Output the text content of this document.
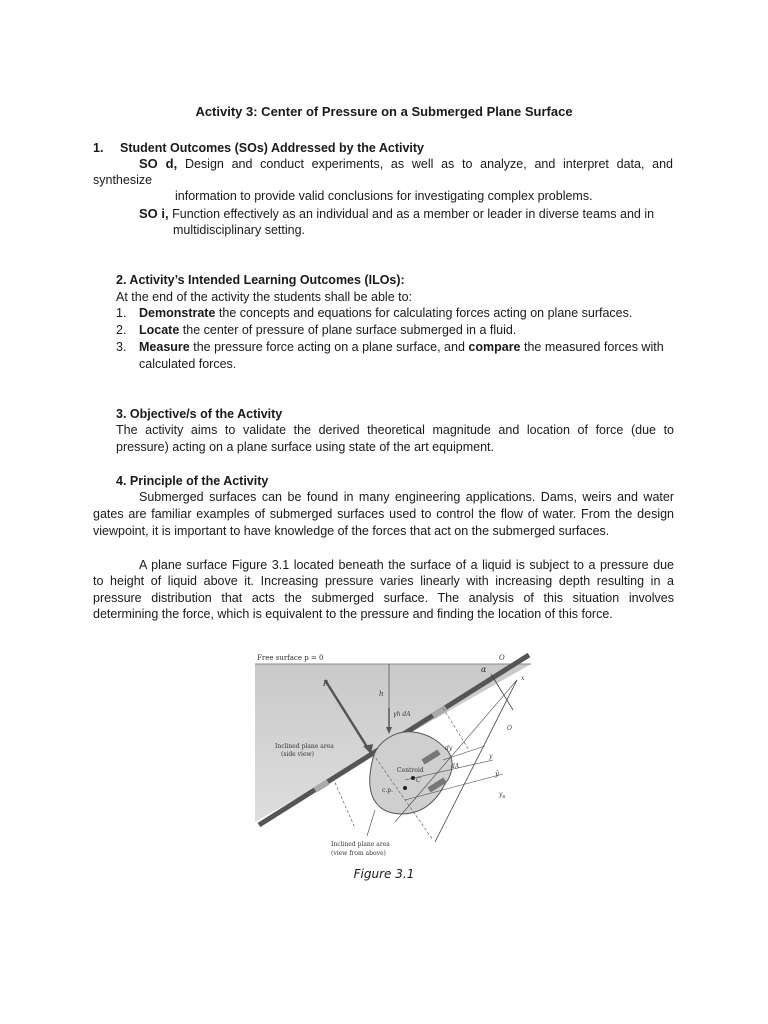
Activity 3: Center of Pressure on a Submerged Plane Surface
1. Student Outcomes (SOs) Addressed by the Activity
SO d, Design and conduct experiments, as well as to analyze, and interpret data, and
synthesize
information to provide valid conclusions for investigating complex problems.
SO i, Function effectively as an individual and as a member or leader in diverse teams and in
multidisciplinary setting.
2. Activity’s Intended Learning Outcomes (ILOs):
At the end of the activity the students shall be able to:
1. Demonstrate the concepts and equations for calculating forces acting on plane surfaces.
2. Locate the center of pressure of plane surface submerged in a fluid.
3. Measure the pressure force acting on a plane surface, and compare the measured forces with
calculated forces.
3. Objective/s of the Activity
The activity aims to validate the derived theoretical magnitude and location of force (due to
pressure) acting on a plane surface using state of the art equipment.
4. Principle of the Activity
Submerged surfaces can be found in many engineering applications. Dams, weirs and water
gates are familiar examples of submerged surfaces used to control the flow of water. From the design
viewpoint, it is important to have knowledge of the forces that act on the submerged surfaces.
A plane surface Figure 3.1 located beneath the surface of a liquid is subject to a pressure due
to height of liquid above it. Increasing pressure varies linearly with increasing depth resulting in a
pressure distribution that acts the submerged surface. The analysis of this situation involves
determining the force, which is equivalent to the pressure and finding the location of this force.
Free surface p = 0	O
α
F
h
γh dA
x
O
Inclined plane area
(side view)
dy
dA
Centroid
C
c.p.
y
ȳ
$y_R$
Inclined plane area
(view from above)
Figure 3.1
